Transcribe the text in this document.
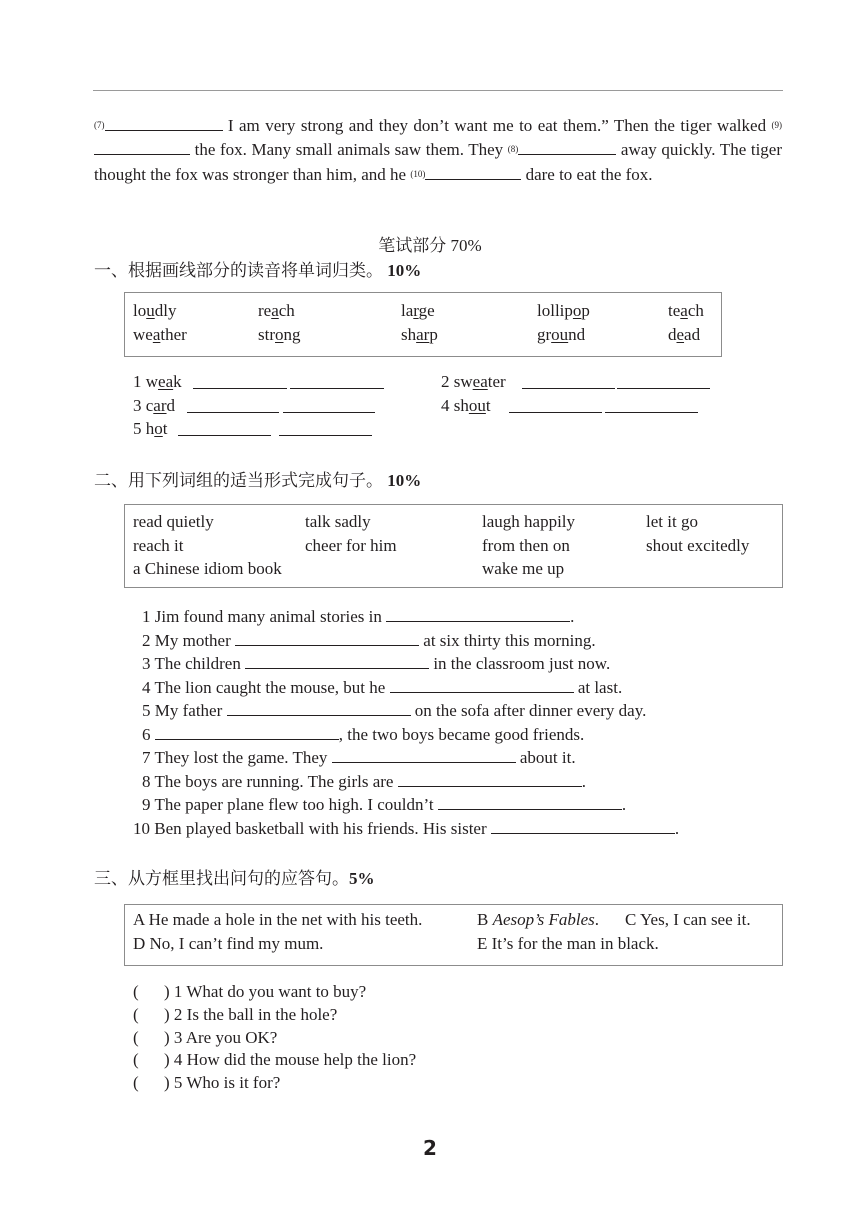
$^{(7)}$	I am very strong and they don’t want me to eat them.” Then the tiger walked $^{(9)}$ the fox. Many small animals saw them. They $^{(8)}$	away quickly. The tiger thought the fox was stronger than him, and he $^{(10)}$	dare to eat the fox.
笔试部分 70%
一、根据画线部分的读音将单词归类。 10%
loudly	reach	large	lollipop	teach
weather	strong	sharp	ground	dead
1 weak	2 sweater
3 card	4 shout
5 hot
二、用下列词组的适当形式完成句子。 10%
read quietly	talk sadly	laugh happily	let it go
reach it	cheer for him	from then on	shout excitedly
a Chinese idiom book	wake me up
1 Jim found many animal stories in	.
2 My mother	at six thirty this morning.
3 The children	in the classroom just now.
4 The lion caught the mouse, but he	at last.
5 My father	on the sofa after dinner every day.
6	, the two boys became good friends.
7 They lost the game. They	about it.
8 The boys are running. The girls are	.
9 The paper plane flew too high. I couldn’t	.
10 Ben played basketball with his friends. His sister	.
三、从方框里找出问句的应答句。5%
A He made a hole in the net with his teeth.	B Aesop’s Fables. C Yes, I can see it.
D No, I can’t find my mum.	E It’s for the man in black.
( ) 1 What do you want to buy?
( ) 2 Is the ball in the hole?
( ) 3 Are you OK?
( ) 4 How did the mouse help the lion?
( ) 5 Who is it for?
2
